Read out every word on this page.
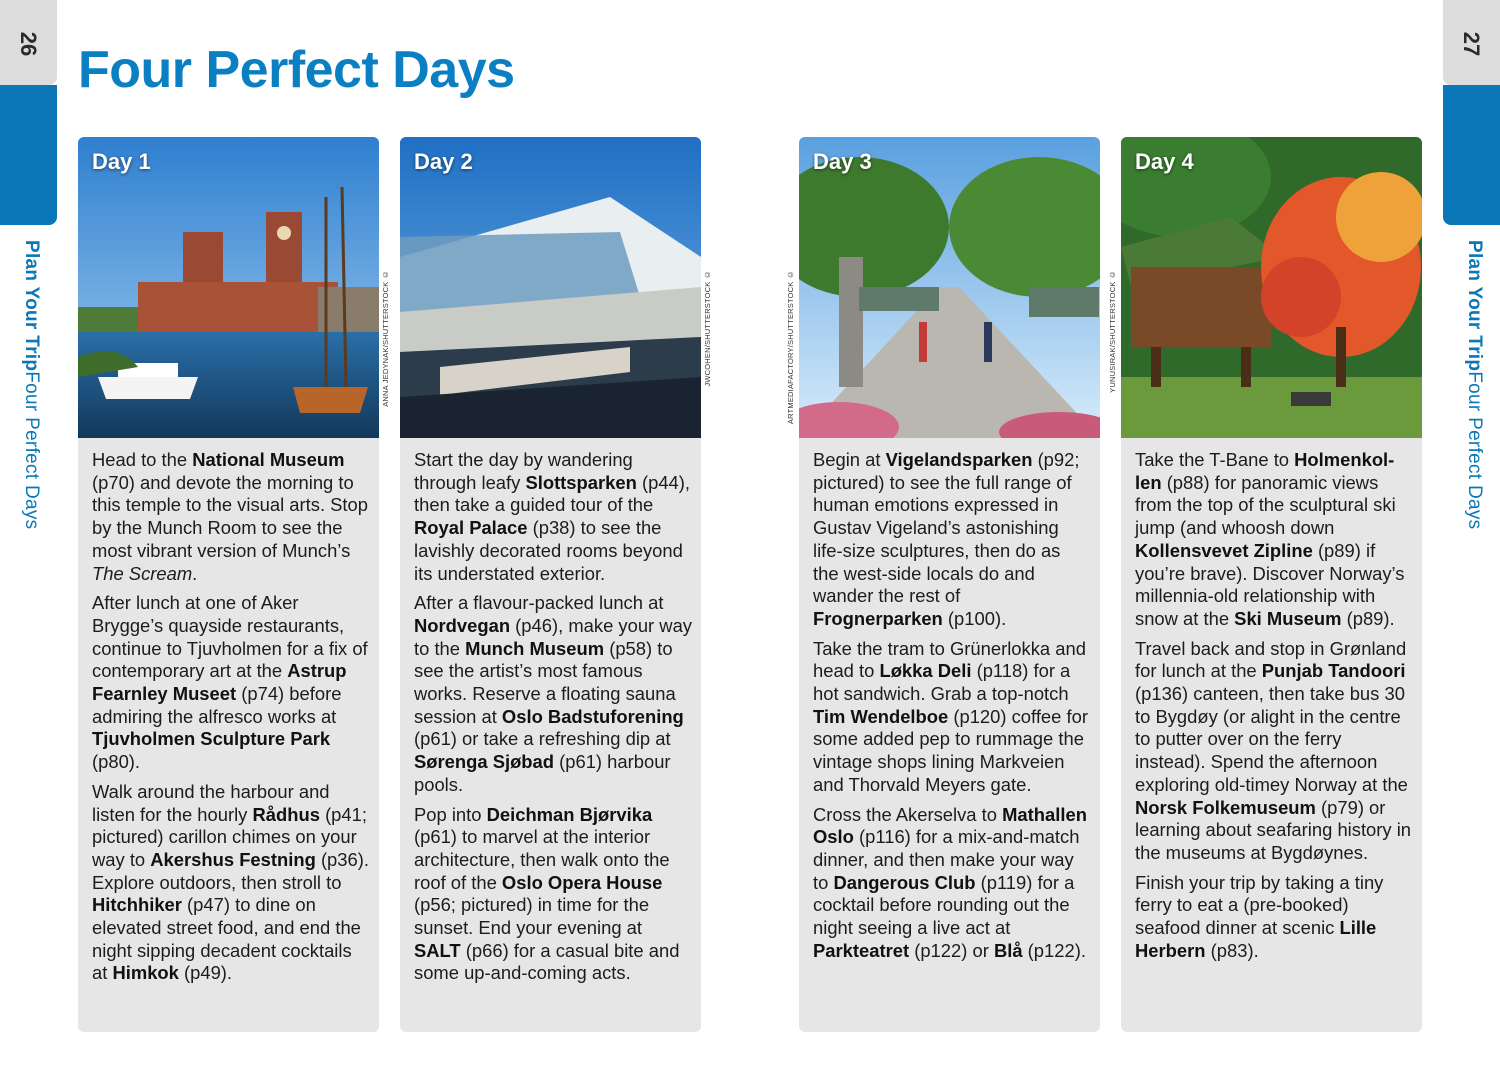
26
Plan Your TripFour Perfect Days
27
Plan Your TripFour Perfect Days
Four Perfect Days
Day 1

Head to the National Museum (p70) and devote the morning to this temple to the visual arts. Stop by the Munch Room to see the most vibrant version of Munch’s The Scream.

After lunch at one of Aker Brygge’s quayside restaurants, continue to Tjuvholmen for a fix of contemporary art at the Astrup Fearnley Museet (p74) before admiring the alfresco works at Tjuvholmen Sculpture Park (p80).

Walk around the harbour and listen for the hourly Rådhus (p41; pictured) carillon chimes on your way to Akershus Festning (p36). Explore outdoors, then stroll to Hitchhiker (p47) to dine on elevated street food, and end the night sipping decadent cocktails at Himkok (p49).

ANNA JEDYNAK/SHUTTERSTOCK ©
Day 2

Start the day by wandering through leafy Slottsparken (p44), then take a guided tour of the Royal Palace (p38) to see the lavishly decorated rooms beyond its understated exterior.

After a flavour-packed lunch at Nordvegan (p46), make your way to the Munch Museum (p58) to see the artist’s most famous works. Reserve a floating sauna session at Oslo Badstuforening (p61) or take a refreshing dip at Sørenga Sjøbad (p61) harbour pools.

Pop into Deichman Bjørvika (p61) to marvel at the interior architecture, then walk onto the roof of the Oslo Opera House (p56; pictured) in time for the sunset. End your evening at SALT (p66) for a casual bite and some up-and-coming acts.

JWCOHEN/SHUTTERSTOCK ©	ARTMEDIAFACTORY/SHUTTERSTOCK ©
Day 3

Begin at Vigelandsparken (p92; pictured) to see the full range of human emotions expressed in Gustav Vigeland’s astonishing life-size sculptures, then do as the west-side locals do and wander the rest of Frognerparken (p100).

Take the tram to Grünerlokka and head to Løkka Deli (p118) for a hot sandwich. Grab a top-notch Tim Wendelboe (p120) coffee for some added pep to rummage the vintage shops lining Markveien and Thorvald Meyers gate.

Cross the Akerselva to Mathallen Oslo (p116) for a mix-and-match dinner, and then make your way to Dangerous Club (p119) for a cocktail before rounding out the night seeing a live act at Parkteatret (p122) or Blå (p122).

YUNUSIRAK/SHUTTERSTOCK ©
Day 4

Take the T-Bane to Holmenkollen (p88) for panoramic views from the top of the sculptural ski jump (and whoosh down Kollensvevet Zipline (p89) if you’re brave). Discover Norway’s millennia-old relationship with snow at the Ski Museum (p89).

Travel back and stop in Grønland for lunch at the Punjab Tandoori (p136) canteen, then take bus 30 to Bygdøy (or alight in the centre to putter over on the ferry instead). Spend the afternoon exploring old-timey Norway at the Norsk Folkemuseum (p79) or learning about seafaring history in the museums at Bygdøynes.

Finish your trip by taking a tiny ferry to eat a (pre-booked) seafood dinner at scenic Lille Herbern (p83).
